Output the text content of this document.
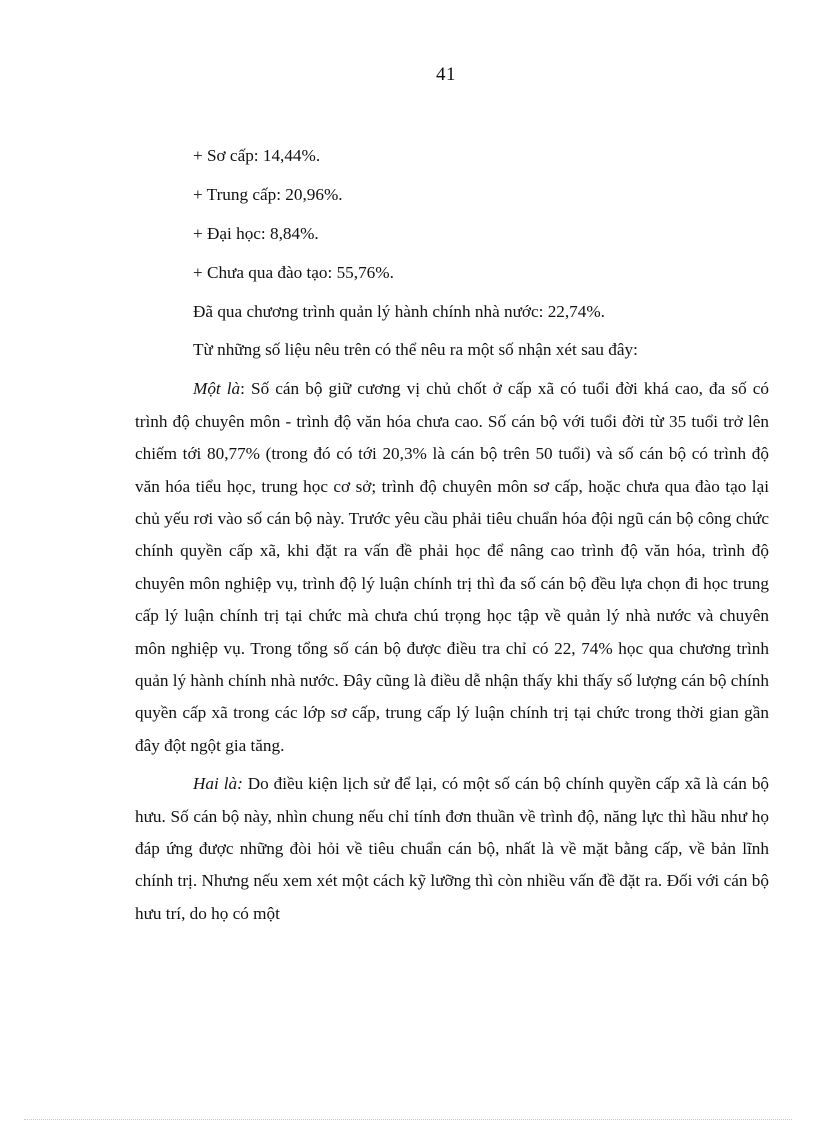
41
+ Sơ cấp: 14,44%.
+ Trung cấp: 20,96%.
+ Đại học: 8,84%.
+ Chưa qua đào tạo: 55,76%.
Đã qua chương trình quản lý hành chính nhà nước: 22,74%.
Từ những số liệu nêu trên có thể nêu ra một số nhận xét sau đây:

Một là: Số cán bộ giữ cương vị chủ chốt ở cấp xã có tuổi đời khá cao, đa số có trình độ chuyên môn - trình độ văn hóa chưa cao. Số cán bộ với tuổi đời từ 35 tuổi trở lên chiếm tới 80,77% (trong đó có tới 20,3% là cán bộ trên 50 tuổi) và số cán bộ có trình độ văn hóa tiểu học, trung học cơ sở; trình độ chuyên môn sơ cấp, hoặc chưa qua đào tạo lại chủ yếu rơi vào số cán bộ này. Trước yêu cầu phải tiêu chuẩn hóa đội ngũ cán bộ công chức chính quyền cấp xã, khi đặt ra vấn đề phải học để nâng cao trình độ văn hóa, trình độ chuyên môn nghiệp vụ, trình độ lý luận chính trị thì đa số cán bộ đều lựa chọn đi học trung cấp lý luận chính trị tại chức mà chưa chú trọng học tập về quản lý nhà nước và chuyên môn nghiệp vụ. Trong tổng số cán bộ được điều tra chỉ có 22, 74% học qua chương trình quản lý hành chính nhà nước. Đây cũng là điều dễ nhận thấy khi thấy số lượng cán bộ chính quyền cấp xã trong các lớp sơ cấp, trung cấp lý luận chính trị tại chức trong thời gian gần đây đột ngột gia tăng.

Hai là: Do điều kiện lịch sử để lại, có một số cán bộ chính quyền cấp xã là cán bộ hưu. Số cán bộ này, nhìn chung nếu chỉ tính đơn thuần về trình độ, năng lực thì hầu như họ đáp ứng được những đòi hỏi về tiêu chuẩn cán bộ, nhất là về mặt bằng cấp, về bản lĩnh chính trị. Nhưng nếu xem xét một cách kỹ lưỡng thì còn nhiều vấn đề đặt ra. Đối với cán bộ hưu trí, do họ có một
